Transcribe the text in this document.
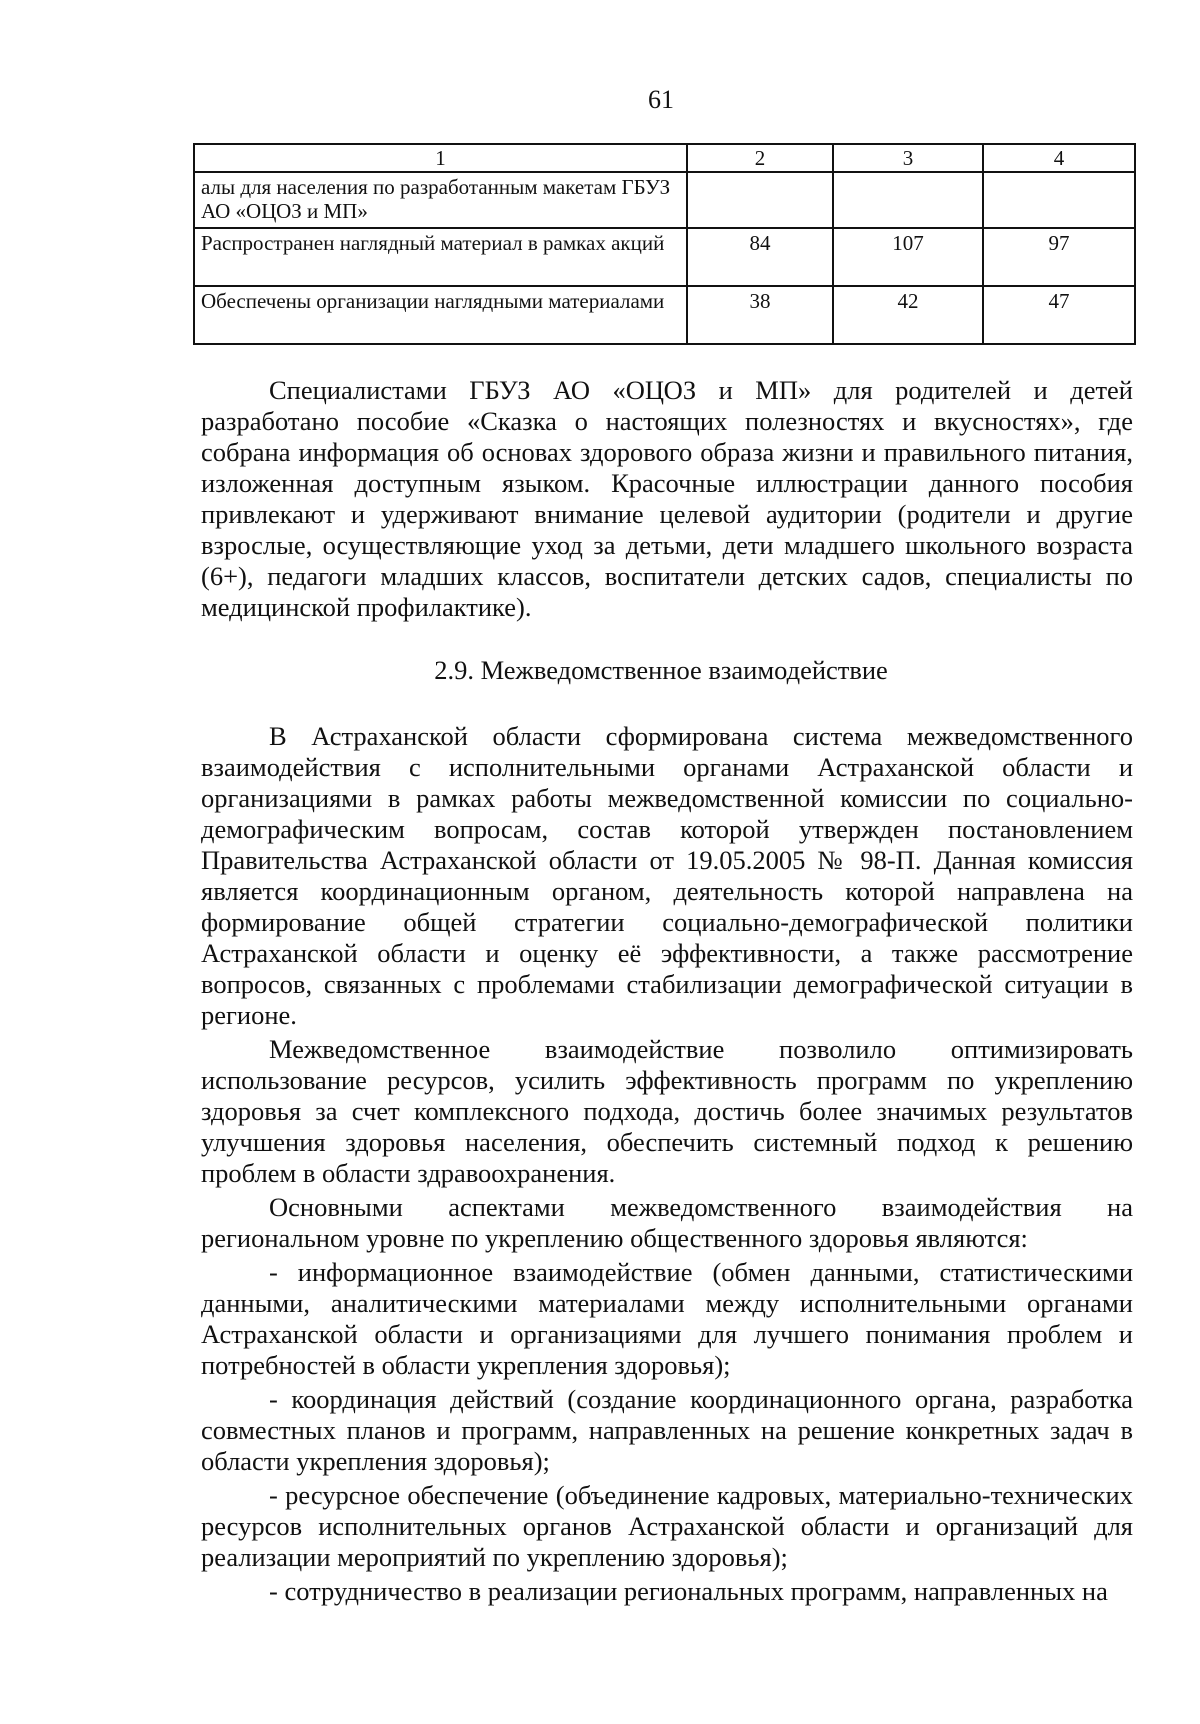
61
1	2	3	4
алы для населения по разработанным макетам ГБУЗ АО «ОЦОЗ и МП»			
Распространен наглядный материал в рамках акций	84	107	97
Обеспечены организации наглядными материалами	38	42	47

Специалистами ГБУЗ АО «ОЦОЗ и МП» для родителей и детей разработано пособие «Сказка о настоящих полезностях и вкусностях», где собрана информация об основах здорового образа жизни и правильного питания, изложенная доступным языком. Красочные иллюстрации данного пособия привлекают и удерживают внимание целевой аудитории (родители и другие взрослые, осуществляющие уход за детьми, дети младшего школьного возраста (6+), педагоги младших классов, воспитатели детских садов, специалисты по медицинской профилактике).

2.9. Межведомственное взаимодействие

В Астраханской области сформирована система межведомственного взаимодействия с исполнительными органами Астраханской области и организациями в рамках работы межведомственной комиссии по социально-демографическим вопросам, состав которой утвержден постановлением Правительства Астраханской области от 19.05.2005 № 98-П. Данная комиссия является координационным органом, деятельность которой направлена на формирование общей стратегии социально-демографической политики Астраханской области и оценку её эффективности, а также рассмотрение вопросов, связанных с проблемами стабилизации демографической ситуации в регионе.

Межведомственное взаимодействие позволило оптимизировать использование ресурсов, усилить эффективность программ по укреплению здоровья за счет комплексного подхода, достичь более значимых результатов улучшения здоровья населения, обеспечить системный подход к решению проблем в области здравоохранения.

Основными аспектами межведомственного взаимодействия на региональном уровне по укреплению общественного здоровья являются:

- информационное взаимодействие (обмен данными, статистическими данными, аналитическими материалами между исполнительными органами Астраханской области и организациями для лучшего понимания проблем и потребностей в области укрепления здоровья);

- координация действий (создание координационного органа, разработка совместных планов и программ, направленных на решение конкретных задач в области укрепления здоровья);

- ресурсное обеспечение (объединение кадровых, материально-технических ресурсов исполнительных органов Астраханской области и организаций для реализации мероприятий по укреплению здоровья);

- сотрудничество в реализации региональных программ, направленных на
